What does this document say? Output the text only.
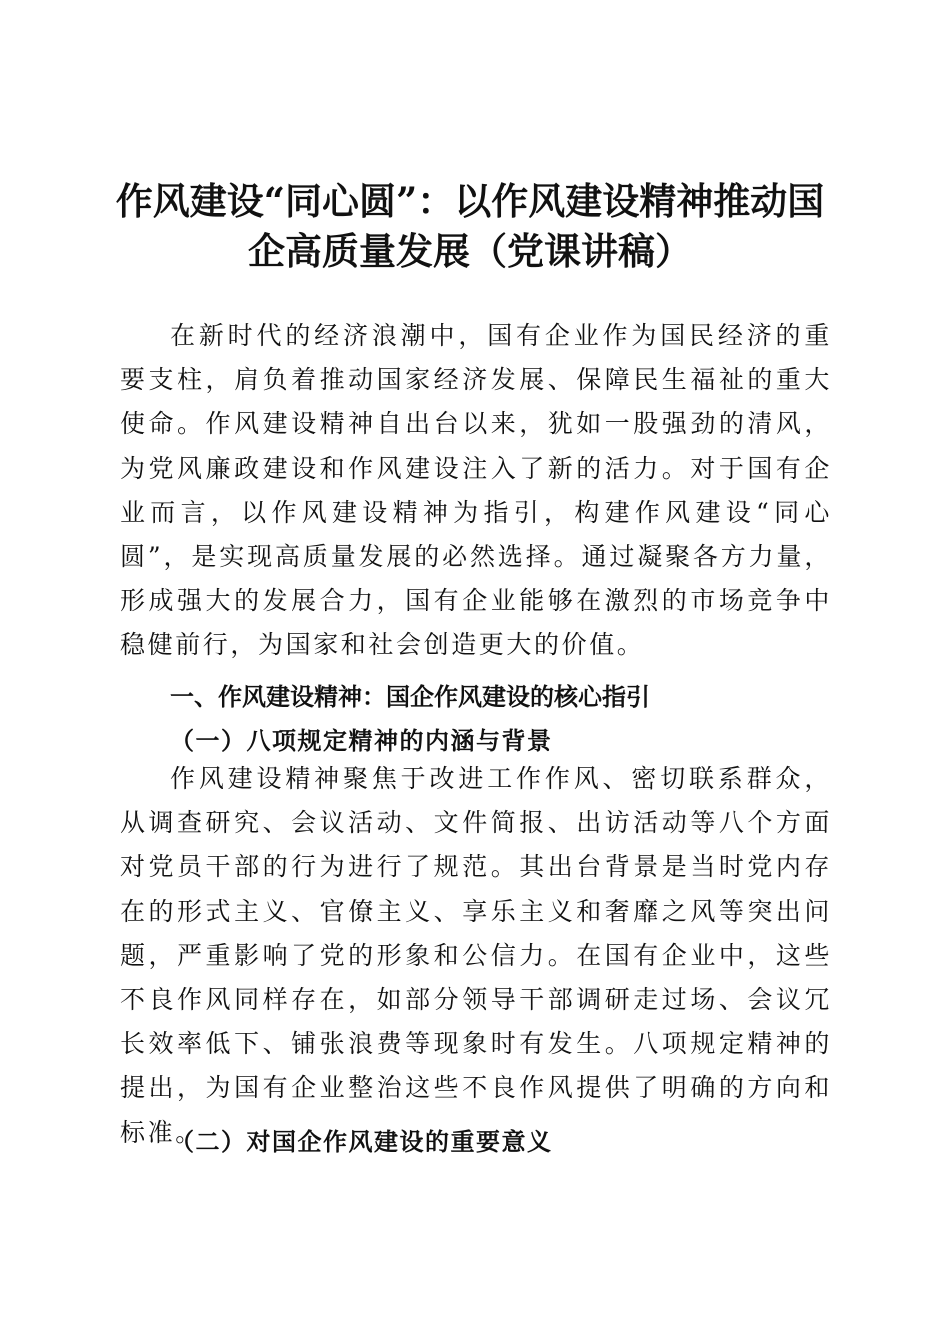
作风建设“同心圆”：以作风建设精神推动国
企高质量发展（党课讲稿）

在新时代的经济浪潮中，国有企业作为国民经济的重要支柱，肩负着推动国家经济发展、保障民生福祉的重大使命。作风建设精神自出台以来，犹如一股强劲的清风，为党风廉政建设和作风建设注入了新的活力。对于国有企业而言，以作风建设精神为指引，构建作风建设“同心圆”，是实现高质量发展的必然选择。通过凝聚各方力量，形成强大的发展合力，国有企业能够在激烈的市场竞争中稳健前行，为国家和社会创造更大的价值。

一、作风建设精神：国企作风建设的核心指引
（一）八项规定精神的内涵与背景

作风建设精神聚焦于改进工作作风、密切联系群众，从调查研究、会议活动、文件简报、出访活动等八个方面对党员干部的行为进行了规范。其出台背景是当时党内存在的形式主义、官僚主义、享乐主义和奢靡之风等突出问题，严重影响了党的形象和公信力。在国有企业中，这些不良作风同样存在，如部分领导干部调研走过场、会议冗长效率低下、铺张浪费等现象时有发生。八项规定精神的提出，为国有企业整治这些不良作风提供了明确的方向和标准。

（二）对国企作风建设的重要意义
